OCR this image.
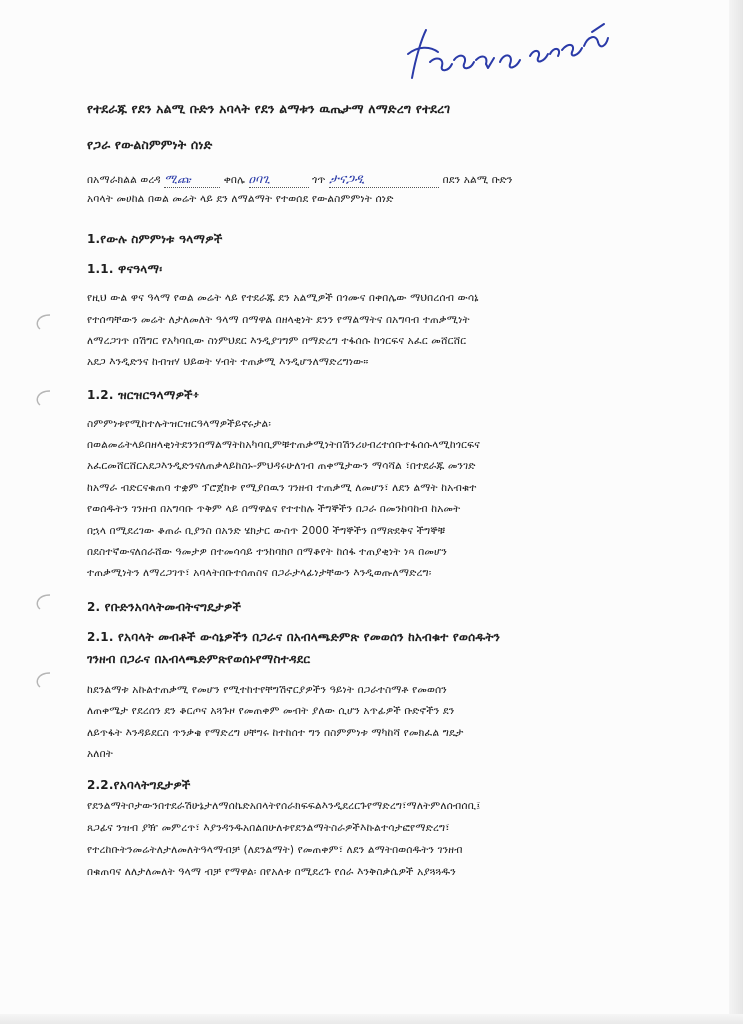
የተደራጁ የደን አልሚ ቡድን አባላት የደን ልማቱን ዉጤታማ ለማድረግ የተደረገ
የጋራ የውልስምምነት ሰነድ
በአማራክልል ወረዳ ሚጩ	ቀበሌ ዐባጊ	ጎጥ ታናጋዲ	በደን አልሚ ቡድን
አባላት መሀከል በወል መሬት ላይ ደን ለማልማት የተወሰደ የውልስምምነት ሰነድ
1.የውሉ ስምምነቱ ዓላማዎች
1.1. ዋናዓላማ፡
የዚህ ውል ዋና ዓላማ የወል መሬት ላይ የተደራጁ ደን አልሚዎች በጎሙና በቀበሌው ማህበረሰብ ውሳኔ
የተሰጣቸውን መሬት ለታለመለት ዓላማ በማዋል በዘላቂነት ደንን የማልማትና በአግባብ ተጠቃሚነት
ለማረጋገጥ በሽግር የአካባቢው ስነምህደር እንዲያገግም በማድረግ ተፋሰሱ ከጎርፍና አፈር መሸርሸር
አደጋ እንዲድንና ከብዝሃ ህይወት ሃብት ተጠቃሚ እንዲሆንለማድረግነው።
1.2. ዝርዝርዓላማዎች፥
ስምምነቱየሚከተሉትዝርዝርዓላማዎችይኖሩታል፡
በወልመሬትላይበዘላቂነትደንንበማልማትከአካባቢምቹተጠቃሚነትበሽንሪሀብረተሰቡተፋሰሱላሚከጎርፍና
አፈርመሸርሸርአደጋእንዲድንናለጠቃላይከስኑ-ምህዳሩሁለገብ ጠቀሜታውን ማሳሻል ፣በተደራጁ መንገድ
ከአማራ ብድርናቁጠባ ተቋም ፕሮጀክቱ የሚያበዉን ገንዘብ ተጠቃሚ ለመሆን፣ ለደን ልማት ከአብቁተ
የወሰዱትን ገንዘብ በአግባቡ ጥቅም ላይ በማዋልና የተተከሉ ችግኞችን በጋራ በመንከባከብ ከአመት
በኋላ በሚደረገው ቆጠራ ቢያንስ በአንድ ሄክታር ውስጥ 2000 ችግኞችን በማጽደቅና ችግኞቹ
በደስተኛውናለሰራሸው ዓመታዎ በተመሳሳይ ተንከባክቦ በማቆየት ከሰፋ ተጠያቂነት ነጻ በመሆን
ተጠቃሚነትን ለማረጋገጥ፣ አባላትበቡተሰጠስና በጋራታላፊነታቸውን እንዲወጡለማድረግ፡
2. የቡድንአባላትመብትናግዴታዎች
2.1. የአባላት መብቶች ውሳኔዎችን በጋራና በአብላጫድምጽ የመወሰን ከአብቁተ የወሰዱትን
ገንዘብ በጋራና በአብላጫድምጽየወሰኑየማስተዳደር
ከደንልማቱ አኩልተጠቃሚ የመሆን የሚተከተየቸግሽኖርያዎችን ዓይነት በጋራተስማቶ የመወሰን
ለጠቀሜታ የደረሰን ደን ቆርጦና አጓጉዞ የመጠቀም መብት ያለው ሲሆን አጥፊዎች ቡድኖችን ደን
ለይጥፋት እንዳይደርስ ጥንቃቄ የማድረግ ሀቸግሩ ከተከሰተ ግን በስምምነቱ ማካከሻ የመክፈል ግዴታ
አለበት
2.2.የአባላትግዴታዎች
የደንልማትቦታውንበተደራሽሁኔታለማሰኬድአበላትየሰራክፍፍልእንዲደረርጉየማድረግ፣ማለትምለሰብሰቢ፤
ጸጋፊና ንዝብ ያዥ መምረጥ፣ እያንዳንዱአበልበሁለቱየደንልማትስራዎችእኩልተሳታፎየማድረግ፣
የተረከቡትንመሬትለታለመለትዓላማብቻ (ለደንልማት) የመጠቀም፣ ለደን ልማትበወሰዱትን ገንዘብ
በቁጠባና ለለታለመለት ዓላማ ብቻ የማዋል፡ በየአለቱ በሚደረጉ የሰራ እንቅስቃሴዎች አያጓጓዱን
